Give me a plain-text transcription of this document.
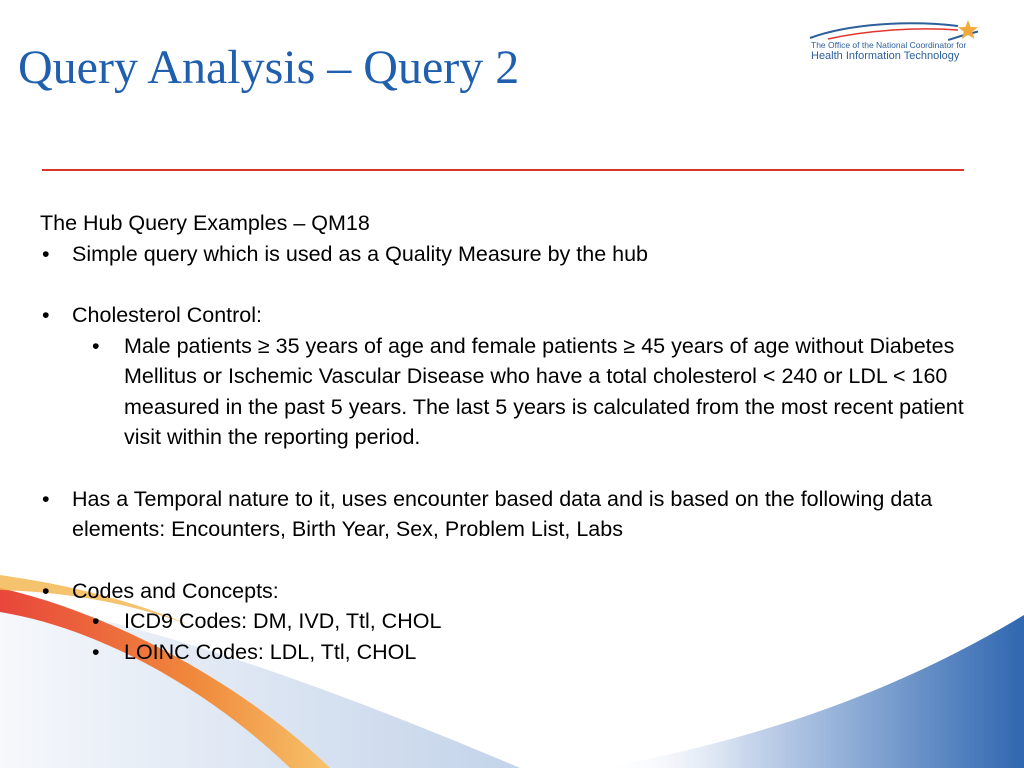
Query Analysis – Query 2	The Office of the National Coordinator for
Health Information Technology

The Hub Query Examples – QM18

• Simple query which is used as a Quality Measure by the hub
• Cholesterol Control:
• Male patients ≥ 35 years of age and female patients ≥ 45 years of age without Diabetes Mellitus or Ischemic Vascular Disease who have a total cholesterol < 240 or LDL < 160 measured in the past 5 years. The last 5 years is calculated from the most recent patient visit within the reporting period.
• Has a Temporal nature to it, uses encounter based data and is based on the following data elements: Encounters, Birth Year, Sex, Problem List, Labs
• Codes and Concepts:
• ICD9 Codes: DM, IVD, Ttl, CHOL
• LOINC Codes: LDL, Ttl, CHOL
